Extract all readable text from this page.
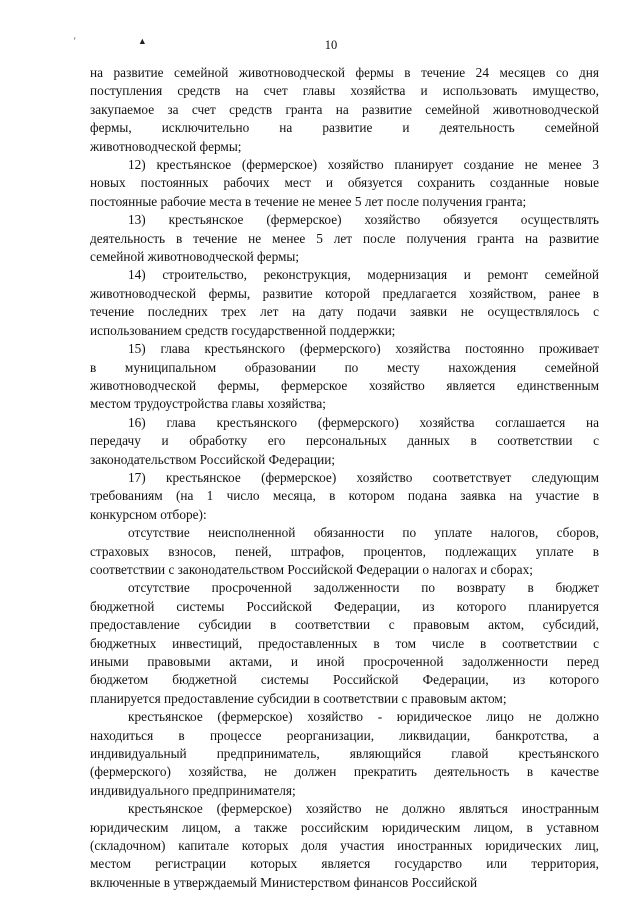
' ▲	10

на развитие семейной животноводческой фермы в течение 24 месяцев со дня
поступления средств на счет главы хозяйства и использовать имущество,
закупаемое за счет средств гранта на развитие семейной животноводческой
фермы, исключительно на развитие и деятельность семейной
животноводческой фермы;

12) крестьянское (фермерское) хозяйство планирует создание не менее 3
новых постоянных рабочих мест и обязуется сохранить созданные новые
постоянные рабочие места в течение не менее 5 лет после получения гранта;

13) крестьянское (фермерское) хозяйство обязуется осуществлять
деятельность в течение не менее 5 лет после получения гранта на развитие
семейной животноводческой фермы;

14) строительство, реконструкция, модернизация и ремонт семейной
животноводческой фермы, развитие которой предлагается хозяйством, ранее в
течение последних трех лет на дату подачи заявки не осуществлялось с
использованием средств государственной поддержки;

15) глава крестьянского (фермерского) хозяйства постоянно проживает
в муниципальном образовании по месту нахождения семейной
животноводческой фермы, фермерское хозяйство является единственным
местом трудоустройства главы хозяйства;

16) глава крестьянского (фермерского) хозяйства соглашается на
передачу и обработку его персональных данных в соответствии с
законодательством Российской Федерации;

17) крестьянское (фермерское) хозяйство соответствует следующим
требованиям (на 1 число месяца, в котором подана заявка на участие в
конкурсном отборе):

отсутствие неисполненной обязанности по уплате налогов, сборов,
страховых взносов, пеней, штрафов, процентов, подлежащих уплате в
соответствии с законодательством Российской Федерации о налогах и сборах;

отсутствие просроченной задолженности по возврату в бюджет
бюджетной системы Российской Федерации, из которого планируется
предоставление субсидии в соответствии с правовым актом, субсидий,
бюджетных инвестиций, предоставленных в том числе в соответствии с
иными правовыми актами, и иной просроченной задолженности перед
бюджетом бюджетной системы Российской Федерации, из которого
планируется предоставление субсидии в соответствии с правовым актом;

крестьянское (фермерское) хозяйство - юридическое лицо не должно
находиться в процессе реорганизации, ликвидации, банкротства, а
индивидуальный предприниматель, являющийся главой крестьянского
(фермерского) хозяйства, не должен прекратить деятельность в качестве
индивидуального предпринимателя;

крестьянское (фермерское) хозяйство не должно являться иностранным
юридическим лицом, а также российским юридическим лицом, в уставном
(складочном) капитале которых доля участия иностранных юридических лиц,
местом регистрации которых является государство или территория,
включенные в утверждаемый Министерством финансов Российской
